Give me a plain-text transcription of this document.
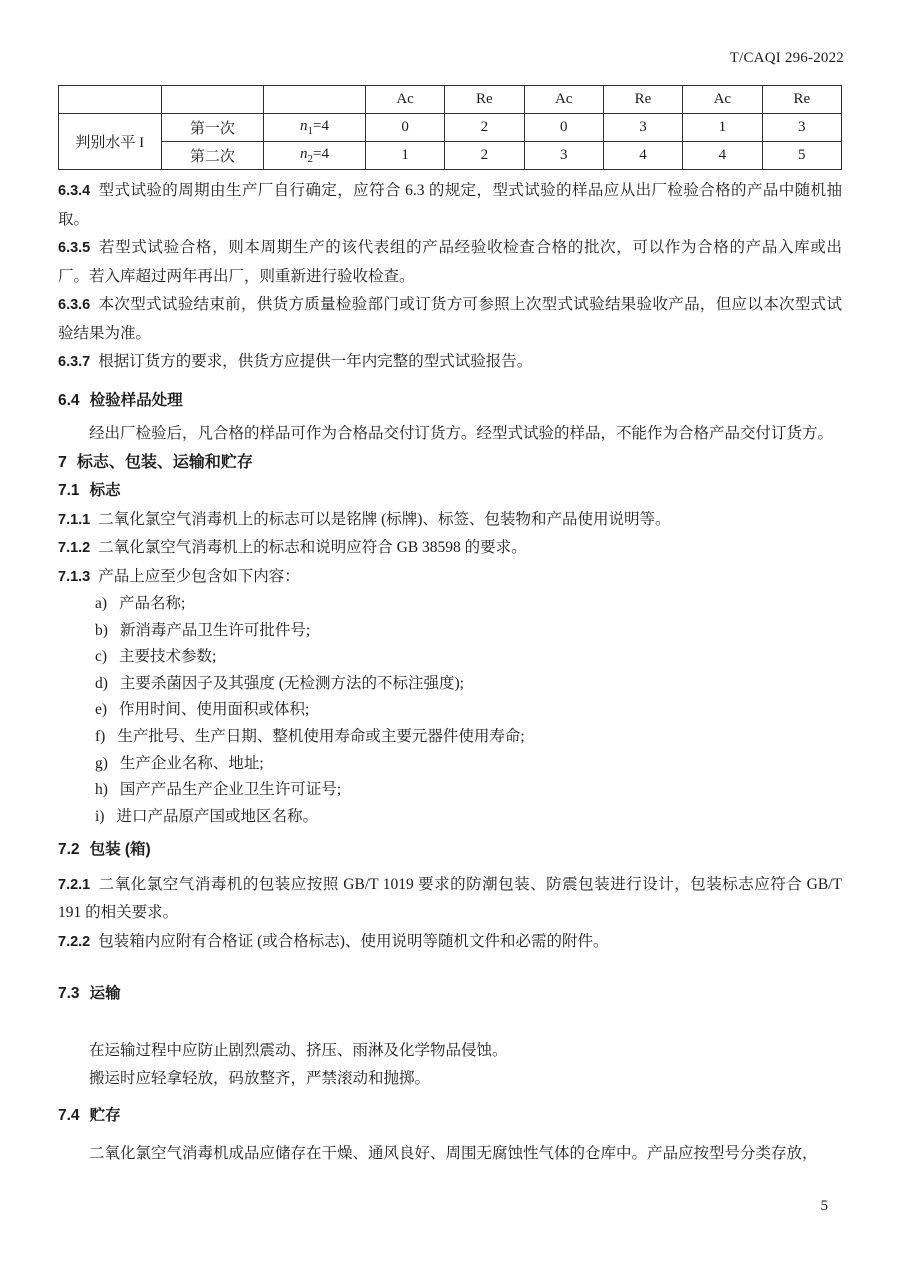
T/CAQI 296-2022
			Ac	Re	Ac	Re	Ac	Re
判别水平 I	第一次	$n_1=4$	0	2	0	3	1	3
	第二次	$n_2=4$	1	2	3	4	4	5

6.3.4 型式试验的周期由生产厂自行确定，应符合 6.3 的规定，型式试验的样品应从出厂检验合格的产品中随机抽取。

6.3.5 若型式试验合格，则本周期生产的该代表组的产品经验收检查合格的批次，可以作为合格的产品入库或出厂。若入库超过两年再出厂，则重新进行验收检查。

6.3.6 本次型式试验结束前，供货方质量检验部门或订货方可参照上次型式试验结果验收产品，但应以本次型式试验结果为准。

6.3.7 根据订货方的要求，供货方应提供一年内完整的型式试验报告。

6.4 检验样品处理

经出厂检验后，凡合格的样品可作为合格品交付订货方。经型式试验的样品，不能作为合格产品交付订货方。

7 标志、包装、运输和贮存

7.1 标志

7.1.1 二氧化氯空气消毒机上的标志可以是铭牌 (标牌)、标签、包装物和产品使用说明等。

7.1.2 二氧化氯空气消毒机上的标志和说明应符合 GB 38598 的要求。

7.1.3 产品上应至少包含如下内容：

a) 产品名称;
b) 新消毒产品卫生许可批件号;
c) 主要技术参数;
d) 主要杀菌因子及其强度 (无检测方法的不标注强度);
e) 作用时间、使用面积或体积;
f) 生产批号、生产日期、整机使用寿命或主要元器件使用寿命;
g) 生产企业名称、地址;
h) 国产产品生产企业卫生许可证号;
i) 进口产品原产国或地区名称。

7.2 包装 (箱)

7.2.1 二氧化氯空气消毒机的包装应按照 GB/T 1019 要求的防潮包装、防震包装进行设计，包装标志应符合 GB/T 191 的相关要求。

7.2.2 包装箱内应附有合格证 (或合格标志)、使用说明等随机文件和必需的附件。

7.3 运输

在运输过程中应防止剧烈震动、挤压、雨淋及化学物品侵蚀。

搬运时应轻拿轻放，码放整齐，严禁滚动和抛掷。

7.4 贮存

二氧化氯空气消毒机成品应储存在干燥、通风良好、周围无腐蚀性气体的仓库中。产品应按型号分类存放，

5
